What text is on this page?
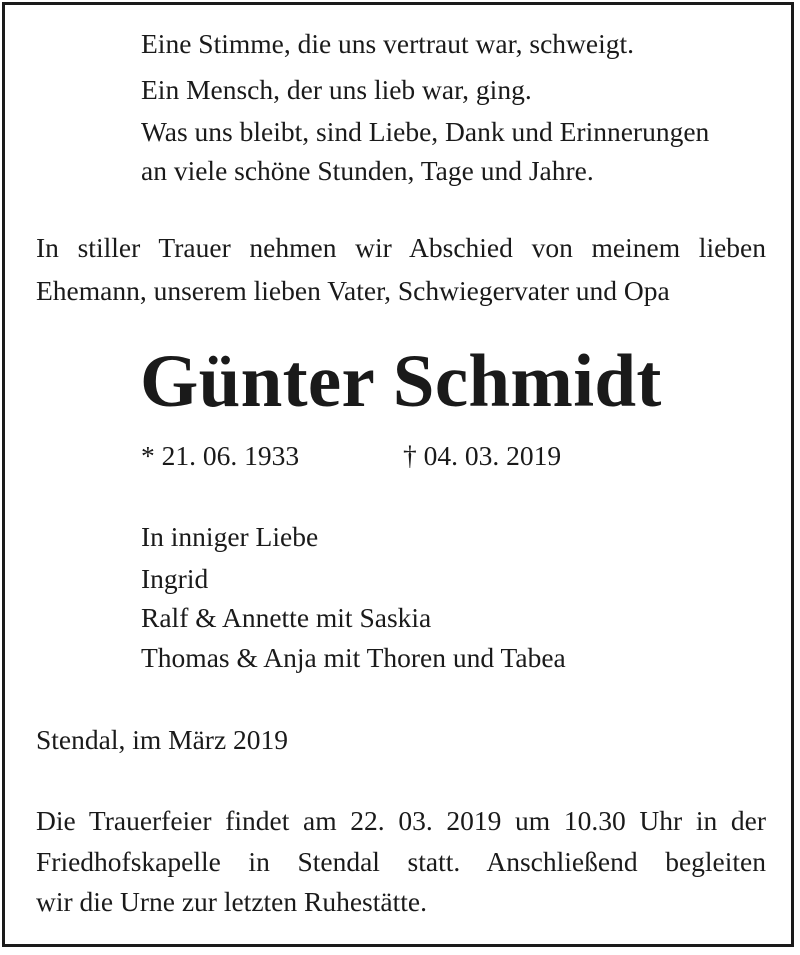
Eine Stimme, die uns vertraut war, schweigt.
Ein Mensch, der uns lieb war, ging.
Was uns bleibt, sind Liebe, Dank und Erinnerungen
an viele schöne Stunden, Tage und Jahre.
In stiller Trauer nehmen wir Abschied von meinem lieben
Ehemann, unserem lieben Vater, Schwiegervater und Opa
Günter Schmidt
* 21. 06. 1933	† 04. 03. 2019
In inniger Liebe
Ingrid
Ralf & Annette mit Saskia
Thomas & Anja mit Thoren und Tabea
Stendal, im März 2019
Die Trauerfeier findet am 22. 03. 2019 um 10.30 Uhr in der
Friedhofskapelle in Stendal statt. Anschließend begleiten
wir die Urne zur letzten Ruhestätte.
